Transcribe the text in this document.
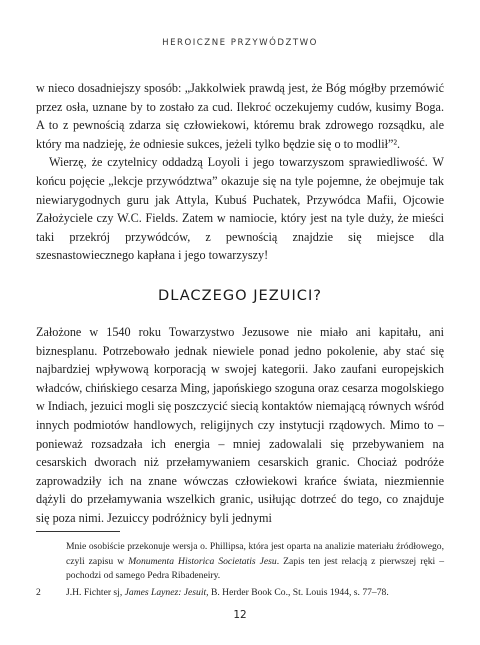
HEROICZNE PRZYWÓDZTWO

w nieco dosadniejszy sposób: „Jakkolwiek prawdą jest, że Bóg mógłby przemówić przez osła, uznane by to zostało za cud. Ilekroć oczekujemy cudów, kusimy Boga. A to z pewnością zdarza się człowiekowi, któremu brak zdrowego rozsądku, ale który ma nadzieję, że odniesie sukces, jeżeli tylko będzie się o to modlił”².

Wierzę, że czytelnicy oddadzą Loyoli i jego towarzyszom sprawiedliwość. W końcu pojęcie „lekcje przywództwa” okazuje się na tyle pojemne, że obejmuje tak niewiarygodnych guru jak Attyla, Kubuś Puchatek, Przywódca Mafii, Ojcowie Założyciele czy W.C. Fields. Zatem w namiocie, który jest na tyle duży, że mieści taki przekrój przywódców, z pewnością znajdzie się miejsce dla szesnastowiecznego kapłana i jego towarzyszy!

DLACZEGO JEZUICI?

Założone w 1540 roku Towarzystwo Jezusowe nie miało ani kapitału, ani biznesplanu. Potrzebowało jednak niewiele ponad jedno pokolenie, aby stać się najbardziej wpływową korporacją w swojej kategorii. Jako zaufani europejskich władców, chińskiego cesarza Ming, japońskiego szoguna oraz cesarza mogolskiego w Indiach, jezuici mogli się poszczycić siecią kontaktów niemającą równych wśród innych podmiotów handlowych, religijnych czy instytucji rządowych. Mimo to – ponieważ rozsadzała ich energia – mniej zadowalali się przebywaniem na cesarskich dworach niż przełamywaniem cesarskich granic. Chociaż podróże zaprowadziły ich na znane wówczas człowiekowi krańce świata, niezmiennie dążyli do przełamywania wszelkich granic, usiłując dotrzeć do tego, co znajduje się poza nimi. Jezuiccy podróżnicy byli jednymi

Mnie osobiście przekonuje wersja o. Phillipsa, która jest oparta na analizie materiału źródłowego, czyli zapisu w Monumenta Historica Societatis Jesu. Zapis ten jest relacją z pierwszej ręki – pochodzi od samego Pedra Ribadeneiry.
2	J.H. Fichter sj, James Laynez: Jesuit, B. Herder Book Co., St. Louis 1944, s. 77–78.
12
